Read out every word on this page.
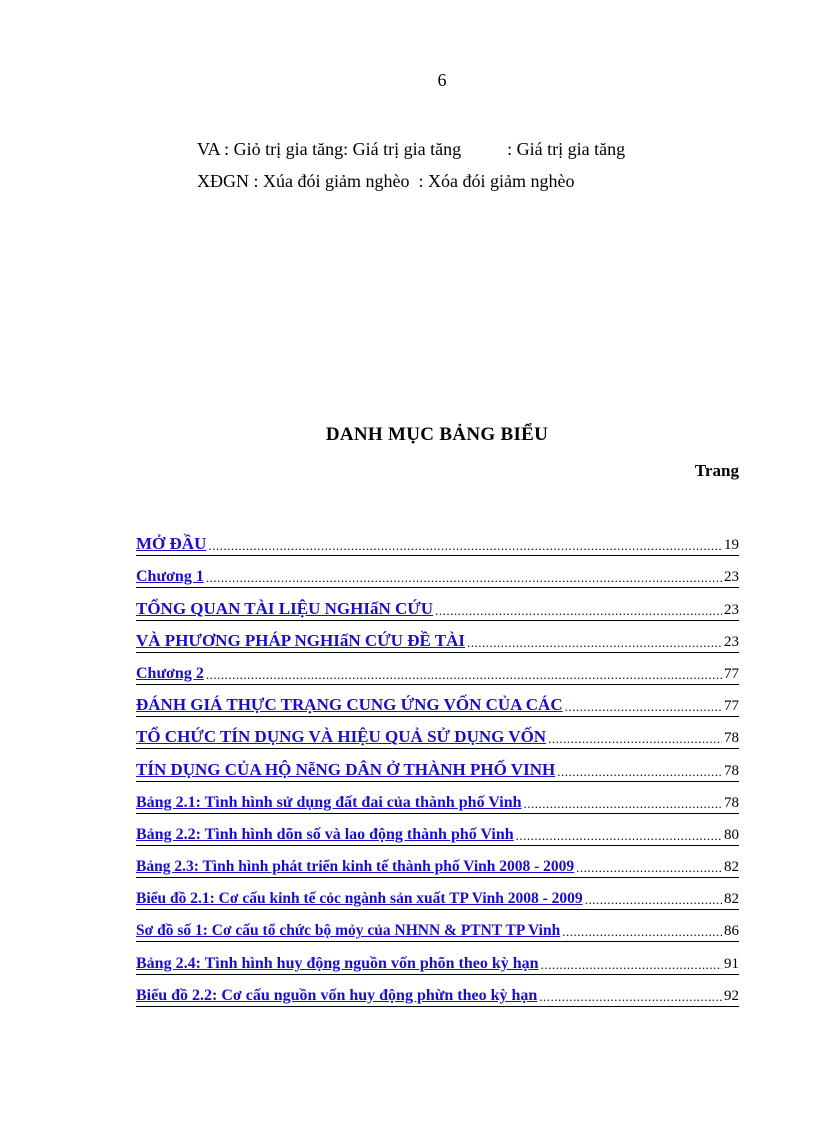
6
VA : Giỏ trị gia tăng: Giá trị gia tăng	: Giá trị gia tăng
XĐGN : Xúa đói giảm nghèo  : Xóa đói giảm nghèo
DANH MỤC BẢNG BIỂU
Trang
MỞ ĐẦU .....	19
Chương 1 .....	23
TỔNG QUAN TÀI LIỆU NGHIấN CỨU .....	23
VÀ PHƯƠNG PHÁP NGHIấN CỨU ĐỀ TÀI .....	23
Chương 2 .....	77
ĐÁNH GIÁ THỰC TRẠNG CUNG ỨNG VỐN CỦA CÁC .....	77
TỔ CHỨC TÍN DỤNG VÀ HIỆU QUẢ SỬ DỤNG VỐN .....	78
TÍN DỤNG CỦA HỘ NễNG DÂN Ở THÀNH PHỐ VINH .....	78
Bảng 2.1: Tình hình sử dụng đất đai của thành phố Vinh .....	78
Bảng 2.2: Tình hình dõn số và lao động thành phố Vinh .....	80
Bảng 2.3: Tình hình phát triển kinh tế thành phố Vinh 2008 - 2009 .....	82
Biểu đồ 2.1: Cơ cấu kinh tế cỏc ngành sản xuất TP Vinh 2008 - 2009 .....	82
Sơ đồ số 1: Cơ cấu tổ chức bộ mỏy của NHNN & PTNT TP Vinh .....	86
Bảng 2.4: Tình hình huy động nguồn vốn phõn theo kỳ hạn .....	91
Biểu đồ 2.2: Cơ cấu nguồn vốn huy động phừn theo kỳ hạn .....	92
